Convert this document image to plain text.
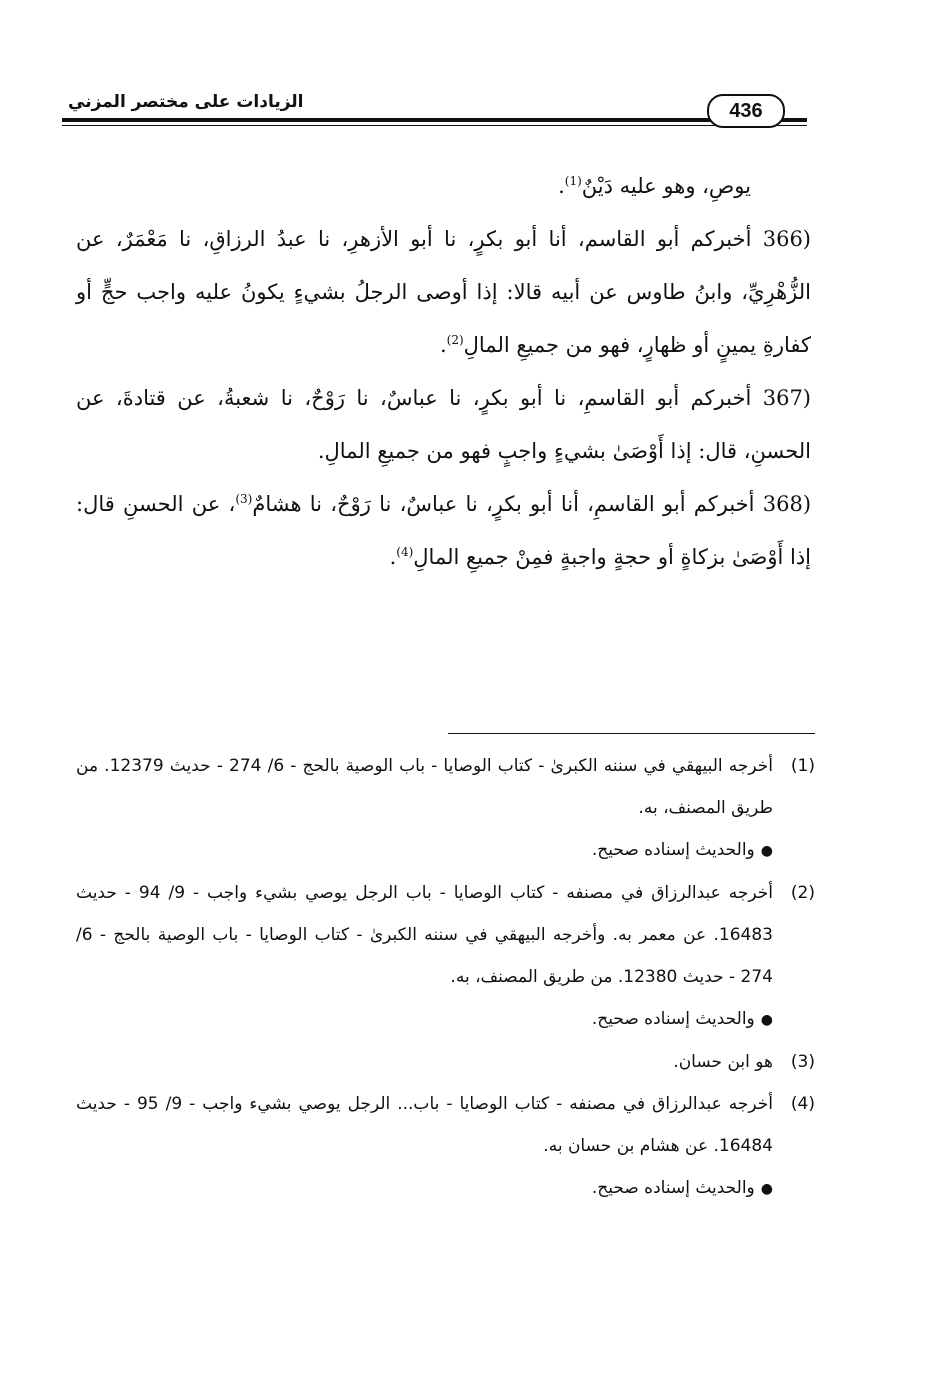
الزيادات على مختصر المزني	436

يوصِ، وهو عليه دَيْنٌ$^{(1)}$.

366) أخبركم أبو القاسم، أنا أبو بكرٍ، نا أبو الأزهرِ، نا عبدُ الرزاقِ، نا مَعْمَرٌ، عن الزُّهْرِيِّ، وابنُ طاوس عن أبيه قالا: إذا أوصى الرجلُ بشيءٍ يكونُ عليه واجب حجٍّ أو كفارةِ يمينٍ أو ظهارٍ، فهو من جميعِ المالِ$^{(2)}$.

367) أخبركم أبو القاسمِ، نا أبو بكرٍ، نا عباسٌ، نا رَوْحٌ، نا شعبةُ، عن قتادةَ، عن الحسنِ، قال: إذا أَوْصَىٰ بشيءٍ واجبٍ فهو من جميعِ المالِ.

368) أخبركم أبو القاسمِ، أنا أبو بكرٍ، نا عباسٌ، نا رَوْحٌ، نا هشامٌ$^{(3)}$، عن الحسنِ قال: إذا أَوْصَىٰ بزكاةٍ أو حجةٍ واجبةٍ فمِنْ جميعِ المالِ$^{(4)}$.

(1)

أخرجه البيهقي في سننه الكبرىٰ - كتاب الوصايا - باب الوصية بالحج - 6/ 274 - حديث 12379. من طريق المصنف، به.

●والحديث إسناده صحيح.

(2)

أخرجه عبدالرزاق في مصنفه - كتاب الوصايا - باب الرجل يوصي بشيء واجب - 9/ 94 - حديث 16483. عن معمر به. وأخرجه البيهقي في سننه الكبرىٰ - كتاب الوصايا - باب الوصية بالحج - 6/ 274 - حديث 12380. من طريق المصنف، به.

●والحديث إسناده صحيح.

(3)

هو ابن حسان.

(4)

أخرجه عبدالرزاق في مصنفه - كتاب الوصايا - باب... الرجل يوصي بشيء واجب - 9/ 95 - حديث 16484. عن هشام بن حسان به.

●والحديث إسناده صحيح.
